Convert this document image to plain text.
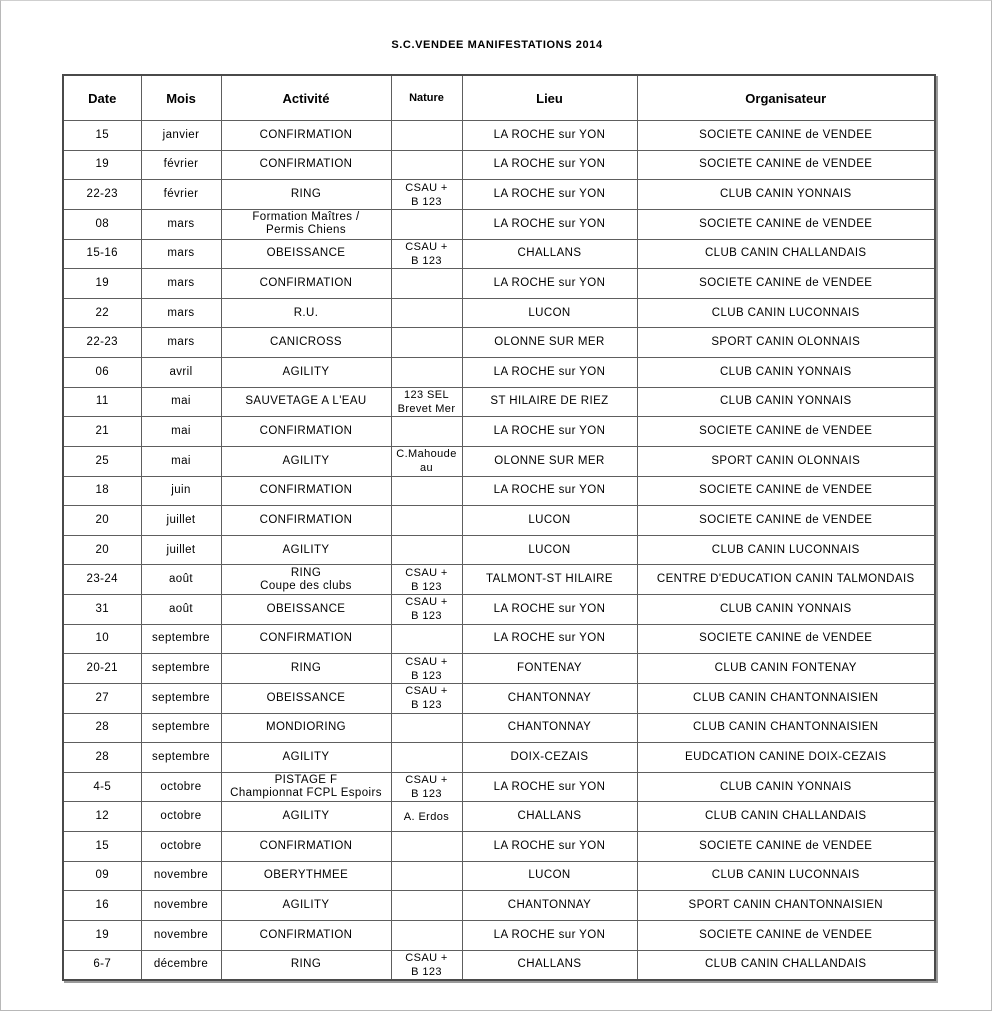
S.C.VENDEE MANIFESTATIONS 2014
Date	Mois	Activité	Nature	Lieu	Organisateur
15	janvier	CONFIRMATION		LA ROCHE sur YON	SOCIETE CANINE de VENDEE
19	février	CONFIRMATION		LA ROCHE sur YON	SOCIETE CANINE de VENDEE
22-23	février	RING	CSAU +
B 123	LA ROCHE sur YON	CLUB CANIN YONNAIS
08	mars	Formation Maîtres /
Permis Chiens		LA ROCHE sur YON	SOCIETE CANINE de VENDEE
15-16	mars	OBEISSANCE	CSAU +
B 123	CHALLANS	CLUB CANIN CHALLANDAIS
19	mars	CONFIRMATION		LA ROCHE sur YON	SOCIETE CANINE de VENDEE
22	mars	R.U.		LUCON	CLUB CANIN LUCONNAIS
22-23	mars	CANICROSS		OLONNE SUR MER	SPORT CANIN OLONNAIS
06	avril	AGILITY		LA ROCHE sur YON	CLUB CANIN YONNAIS
11	mai	SAUVETAGE A L'EAU	123 SEL
Brevet Mer	ST HILAIRE DE RIEZ	CLUB CANIN YONNAIS
21	mai	CONFIRMATION		LA ROCHE sur YON	SOCIETE CANINE de VENDEE
25	mai	AGILITY	C.Mahoude
au	OLONNE SUR MER	SPORT CANIN OLONNAIS
18	juin	CONFIRMATION		LA ROCHE sur YON	SOCIETE CANINE de VENDEE
20	juillet	CONFIRMATION		LUCON	SOCIETE CANINE de VENDEE
20	juillet	AGILITY		LUCON	CLUB CANIN LUCONNAIS
23-24	août	RING
Coupe des clubs	CSAU +
B 123	TALMONT-ST HILAIRE	CENTRE D'EDUCATION CANIN TALMONDAIS
31	août	OBEISSANCE	CSAU +
B 123	LA ROCHE sur YON	CLUB CANIN YONNAIS
10	septembre	CONFIRMATION		LA ROCHE sur YON	SOCIETE CANINE de VENDEE
20-21	septembre	RING	CSAU +
B 123	FONTENAY	CLUB CANIN FONTENAY
27	septembre	OBEISSANCE	CSAU +
B 123	CHANTONNAY	CLUB CANIN CHANTONNAISIEN
28	septembre	MONDIORING		CHANTONNAY	CLUB CANIN CHANTONNAISIEN
28	septembre	AGILITY		DOIX-CEZAIS	EUDCATION CANINE DOIX-CEZAIS
4-5	octobre	PISTAGE F
Championnat FCPL Espoirs	CSAU +
B 123	LA ROCHE sur YON	CLUB CANIN YONNAIS
12	octobre	AGILITY	A. Erdos	CHALLANS	CLUB CANIN CHALLANDAIS
15	octobre	CONFIRMATION		LA ROCHE sur YON	SOCIETE CANINE de VENDEE
09	novembre	OBERYTHMEE		LUCON	CLUB CANIN LUCONNAIS
16	novembre	AGILITY		CHANTONNAY	SPORT CANIN CHANTONNAISIEN
19	novembre	CONFIRMATION		LA ROCHE sur YON	SOCIETE CANINE de VENDEE
6-7	décembre	RING	CSAU +
B 123	CHALLANS	CLUB CANIN CHALLANDAIS
